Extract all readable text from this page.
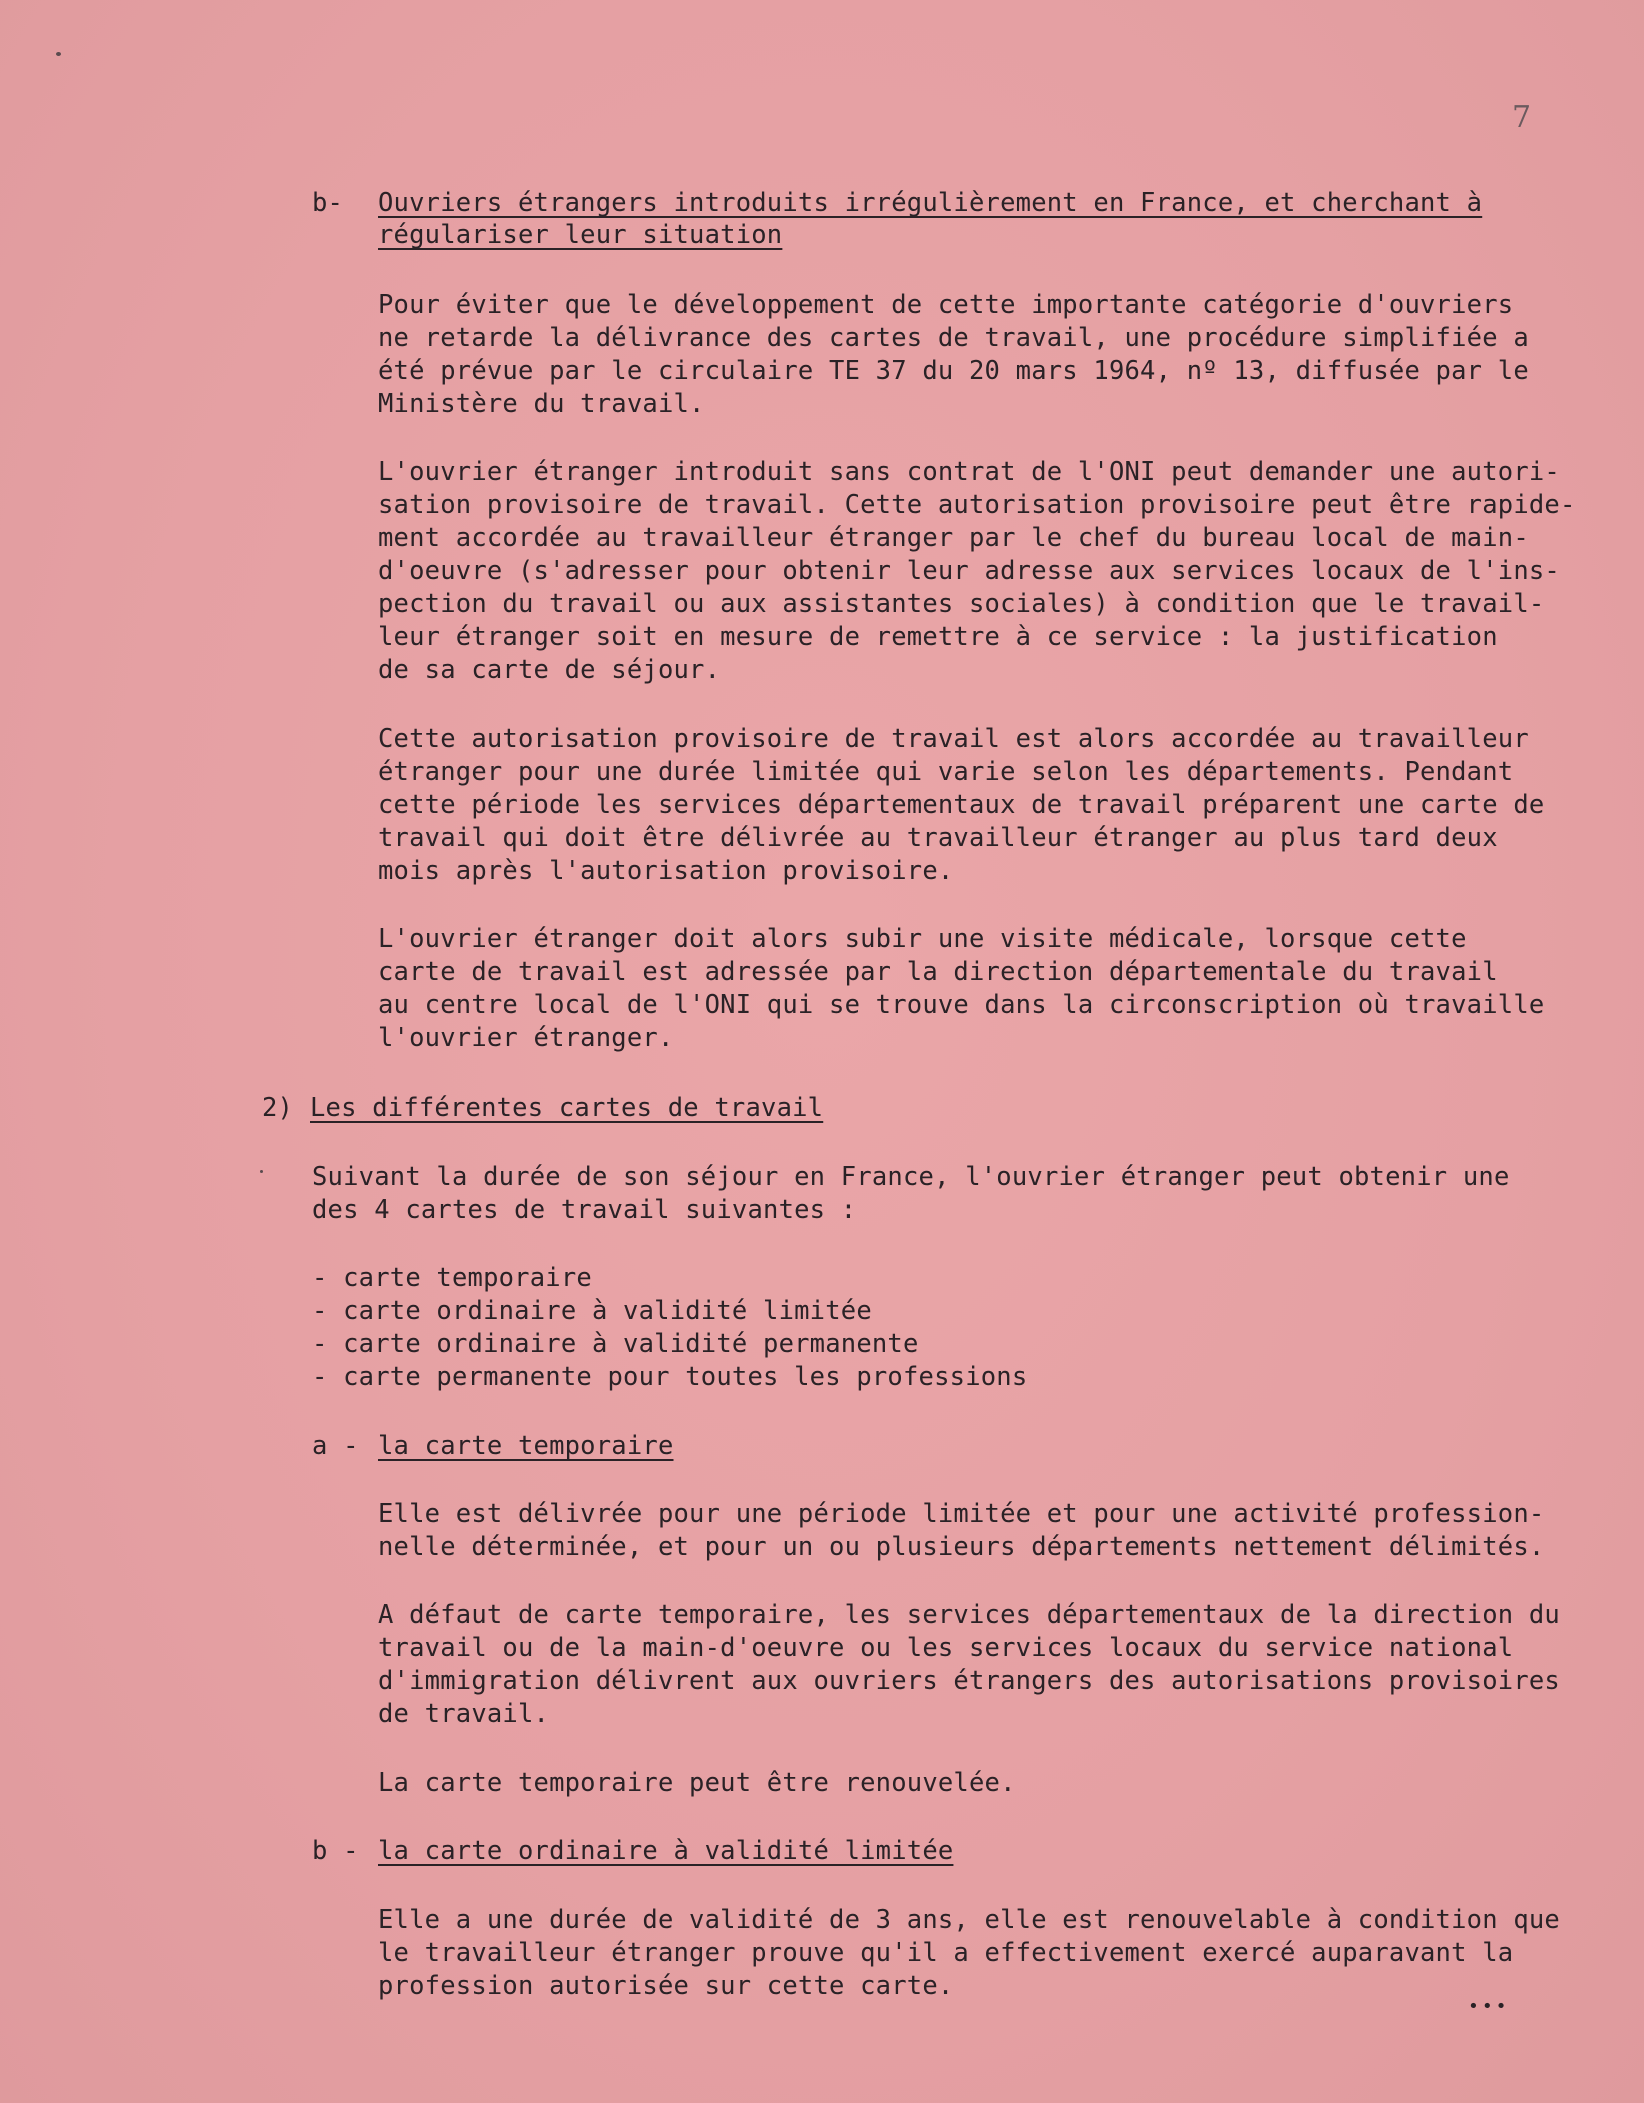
7
b- Ouvriers étrangers introduits irrégulièrement en France, et cherchant à
régulariser leur situation
Pour éviter que le développement de cette importante catégorie d'ouvriers
ne retarde la délivrance des cartes de travail, une procédure simplifiée a
été prévue par le circulaire TE 37 du 20 mars 1964, nº 13, diffusée par le
Ministère du travail.
L'ouvrier étranger introduit sans contrat de l'ONI peut demander une autori-
sation provisoire de travail. Cette autorisation provisoire peut être rapide-
ment accordée au travailleur étranger par le chef du bureau local de main-
d'oeuvre (s'adresser pour obtenir leur adresse aux services locaux de l'ins-
pection du travail ou aux assistantes sociales) à condition que le travail-
leur étranger soit en mesure de remettre à ce service : la justification
de sa carte de séjour.
Cette autorisation provisoire de travail est alors accordée au travailleur
étranger pour une durée limitée qui varie selon les départements. Pendant
cette période les services départementaux de travail préparent une carte de
travail qui doit être délivrée au travailleur étranger au plus tard deux
mois après l'autorisation provisoire.
L'ouvrier étranger doit alors subir une visite médicale, lorsque cette
carte de travail est adressée par la direction départementale du travail
au centre local de l'ONI qui se trouve dans la circonscription où travaille
l'ouvrier étranger.
2) Les différentes cartes de travail
Suivant la durée de son séjour en France, l'ouvrier étranger peut obtenir une
des 4 cartes de travail suivantes :
- carte temporaire
- carte ordinaire à validité limitée
- carte ordinaire à validité permanente
- carte permanente pour toutes les professions
a - la carte temporaire
Elle est délivrée pour une période limitée et pour une activité profession-
nelle déterminée, et pour un ou plusieurs départements nettement délimités.
A défaut de carte temporaire, les services départementaux de la direction du
travail ou de la main-d'oeuvre ou les services locaux du service national
d'immigration délivrent aux ouvriers étrangers des autorisations provisoires
de travail.
La carte temporaire peut être renouvelée.
b - la carte ordinaire à validité limitée
Elle a une durée de validité de 3 ans, elle est renouvelable à condition que
le travailleur étranger prouve qu'il a effectivement exercé auparavant la
profession autorisée sur cette carte.
•••
